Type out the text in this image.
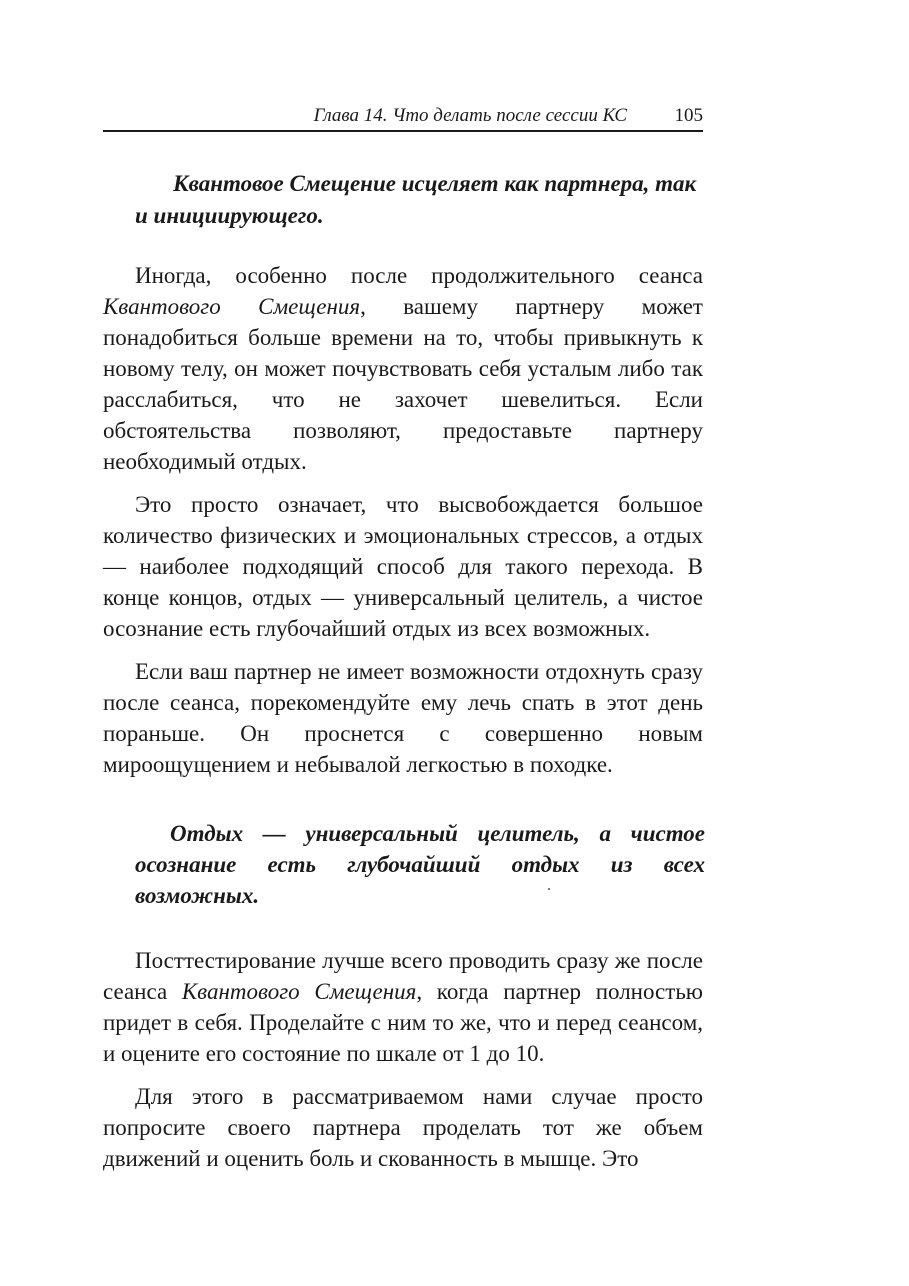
Глава 14. Что делать после сессии КС	105

Квантовое Смещение исцеляет как партнера, так и инициирующего.

Иногда, особенно после продолжительного сеанса Квантового Смещения, вашему партнеру может понадобиться больше времени на то, чтобы привыкнуть к новому телу, он может почувствовать себя усталым либо так расслабиться, что не захочет шевелиться. Если обстоятельства позволяют, предоставьте партнеру необходимый отдых.

Это просто означает, что высвобождается большое количество физических и эмоциональных стрессов, а отдых — наиболее подходящий способ для такого перехода. В конце концов, отдых — универсальный целитель, а чистое осознание есть глубочайший отдых из всех возможных.

Если ваш партнер не имеет возможности отдохнуть сразу после сеанса, порекомендуйте ему лечь спать в этот день пораньше. Он проснется с совершенно новым мироощущением и небывалой легкостью в походке.

Отдых — универсальный целитель, а чистое осознание есть глубочайший отдых из всех возможных.

Посттестирование лучше всего проводить сразу же после сеанса Квантового Смещения, когда партнер полностью придет в себя. Проделайте с ним то же, что и перед сеансом, и оцените его состояние по шкале от 1 до 10.

Для этого в рассматриваемом нами случае просто попросите своего партнера проделать тот же объем движений и оценить боль и скованность в мышце. Это
